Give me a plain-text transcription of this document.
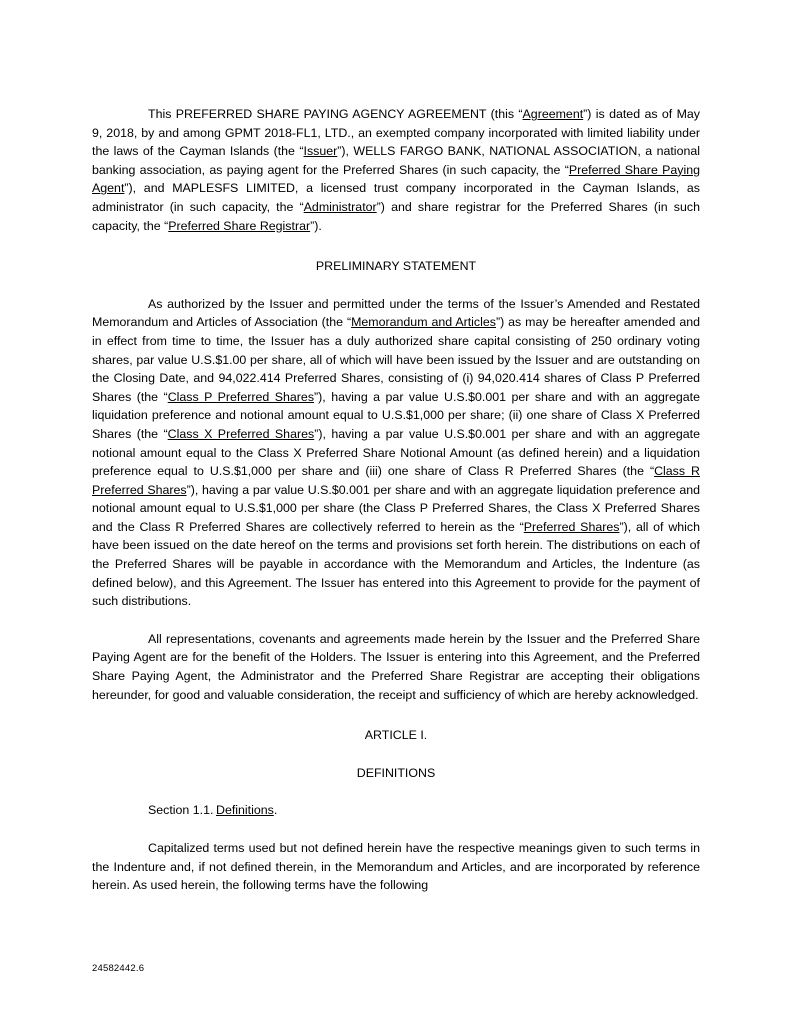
This PREFERRED SHARE PAYING AGENCY AGREEMENT (this “Agreement”) is dated as of May 9, 2018, by and among GPMT 2018-FL1, LTD., an exempted company incorporated with limited liability under the laws of the Cayman Islands (the “Issuer”), WELLS FARGO BANK, NATIONAL ASSOCIATION, a national banking association, as paying agent for the Preferred Shares (in such capacity, the “Preferred Share Paying Agent”), and MAPLESFS LIMITED, a licensed trust company incorporated in the Cayman Islands, as administrator (in such capacity, the “Administrator”) and share registrar for the Preferred Shares (in such capacity, the “Preferred Share Registrar”).

PRELIMINARY STATEMENT

As authorized by the Issuer and permitted under the terms of the Issuer’s Amended and Restated Memorandum and Articles of Association (the “Memorandum and Articles”) as may be hereafter amended and in effect from time to time, the Issuer has a duly authorized share capital consisting of 250 ordinary voting shares, par value U.S.$1.00 per share, all of which will have been issued by the Issuer and are outstanding on the Closing Date, and 94,022.414 Preferred Shares, consisting of (i) 94,020.414 shares of Class P Preferred Shares (the “Class P Preferred Shares”), having a par value U.S.$0.001 per share and with an aggregate liquidation preference and notional amount equal to U.S.$1,000 per share; (ii) one share of Class X Preferred Shares (the “Class X Preferred Shares”), having a par value U.S.$0.001 per share and with an aggregate notional amount equal to the Class X Preferred Share Notional Amount (as defined herein) and a liquidation preference equal to U.S.$1,000 per share and (iii) one share of Class R Preferred Shares (the “Class R Preferred Shares”), having a par value U.S.$0.001 per share and with an aggregate liquidation preference and notional amount equal to U.S.$1,000 per share (the Class P Preferred Shares, the Class X Preferred Shares and the Class R Preferred Shares are collectively referred to herein as the “Preferred Shares”), all of which have been issued on the date hereof on the terms and provisions set forth herein. The distributions on each of the Preferred Shares will be payable in accordance with the Memorandum and Articles, the Indenture (as defined below), and this Agreement. The Issuer has entered into this Agreement to provide for the payment of such distributions.

All representations, covenants and agreements made herein by the Issuer and the Preferred Share Paying Agent are for the benefit of the Holders. The Issuer is entering into this Agreement, and the Preferred Share Paying Agent, the Administrator and the Preferred Share Registrar are accepting their obligations hereunder, for good and valuable consideration, the receipt and sufficiency of which are hereby acknowledged.

ARTICLE I.

DEFINITIONS

Section 1.1. Definitions.

Capitalized terms used but not defined herein have the respective meanings given to such terms in the Indenture and, if not defined therein, in the Memorandum and Articles, and are incorporated by reference herein. As used herein, the following terms have the following

24582442.6
